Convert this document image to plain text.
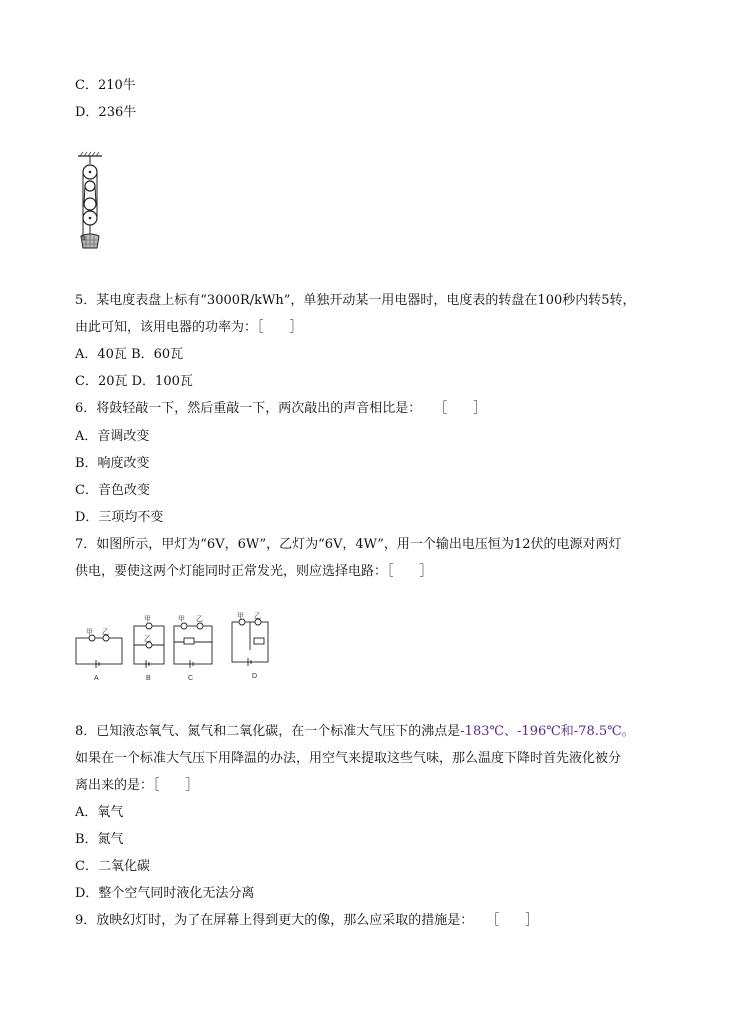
C．210牛
D．236牛
5．某电度表盘上标有“3000R/kWh”，单独开动某一用电器时，电度表的转盘在100秒内转5转，
由此可知，该用电器的功率为：［　　］
A．40瓦 B．60瓦
C．20瓦 D．100瓦
6．将鼓轻敲一下，然后重敲一下，两次敲出的声音相比是：　　［　　］
A．音调改变
B．响度改变
C．音色改变
D．三项均不变
7．如图所示，甲灯为“6V，6W”，乙灯为“6V，4W”，用一个输出电压恒为12伏的电源对两灯
供电，要使这两个灯能同时正常发光，则应选择电路：［　　］
甲 乙
甲
乙
甲 乙	甲 乙
A	B	C	D
8．已知液态氧气、氮气和二氧化碳，在一个标准大气压下的沸点是-183℃、-196℃和-78.5℃。
如果在一个标准大气压下用降温的办法，用空气来提取这些气味，那么温度下降时首先液化被分
离出来的是：［　　］
A．氧气
B．氮气
C．二氧化碳
D．整个空气同时液化无法分离
9．放映幻灯时，为了在屏幕上得到更大的像，那么应采取的措施是：　　［　　］
